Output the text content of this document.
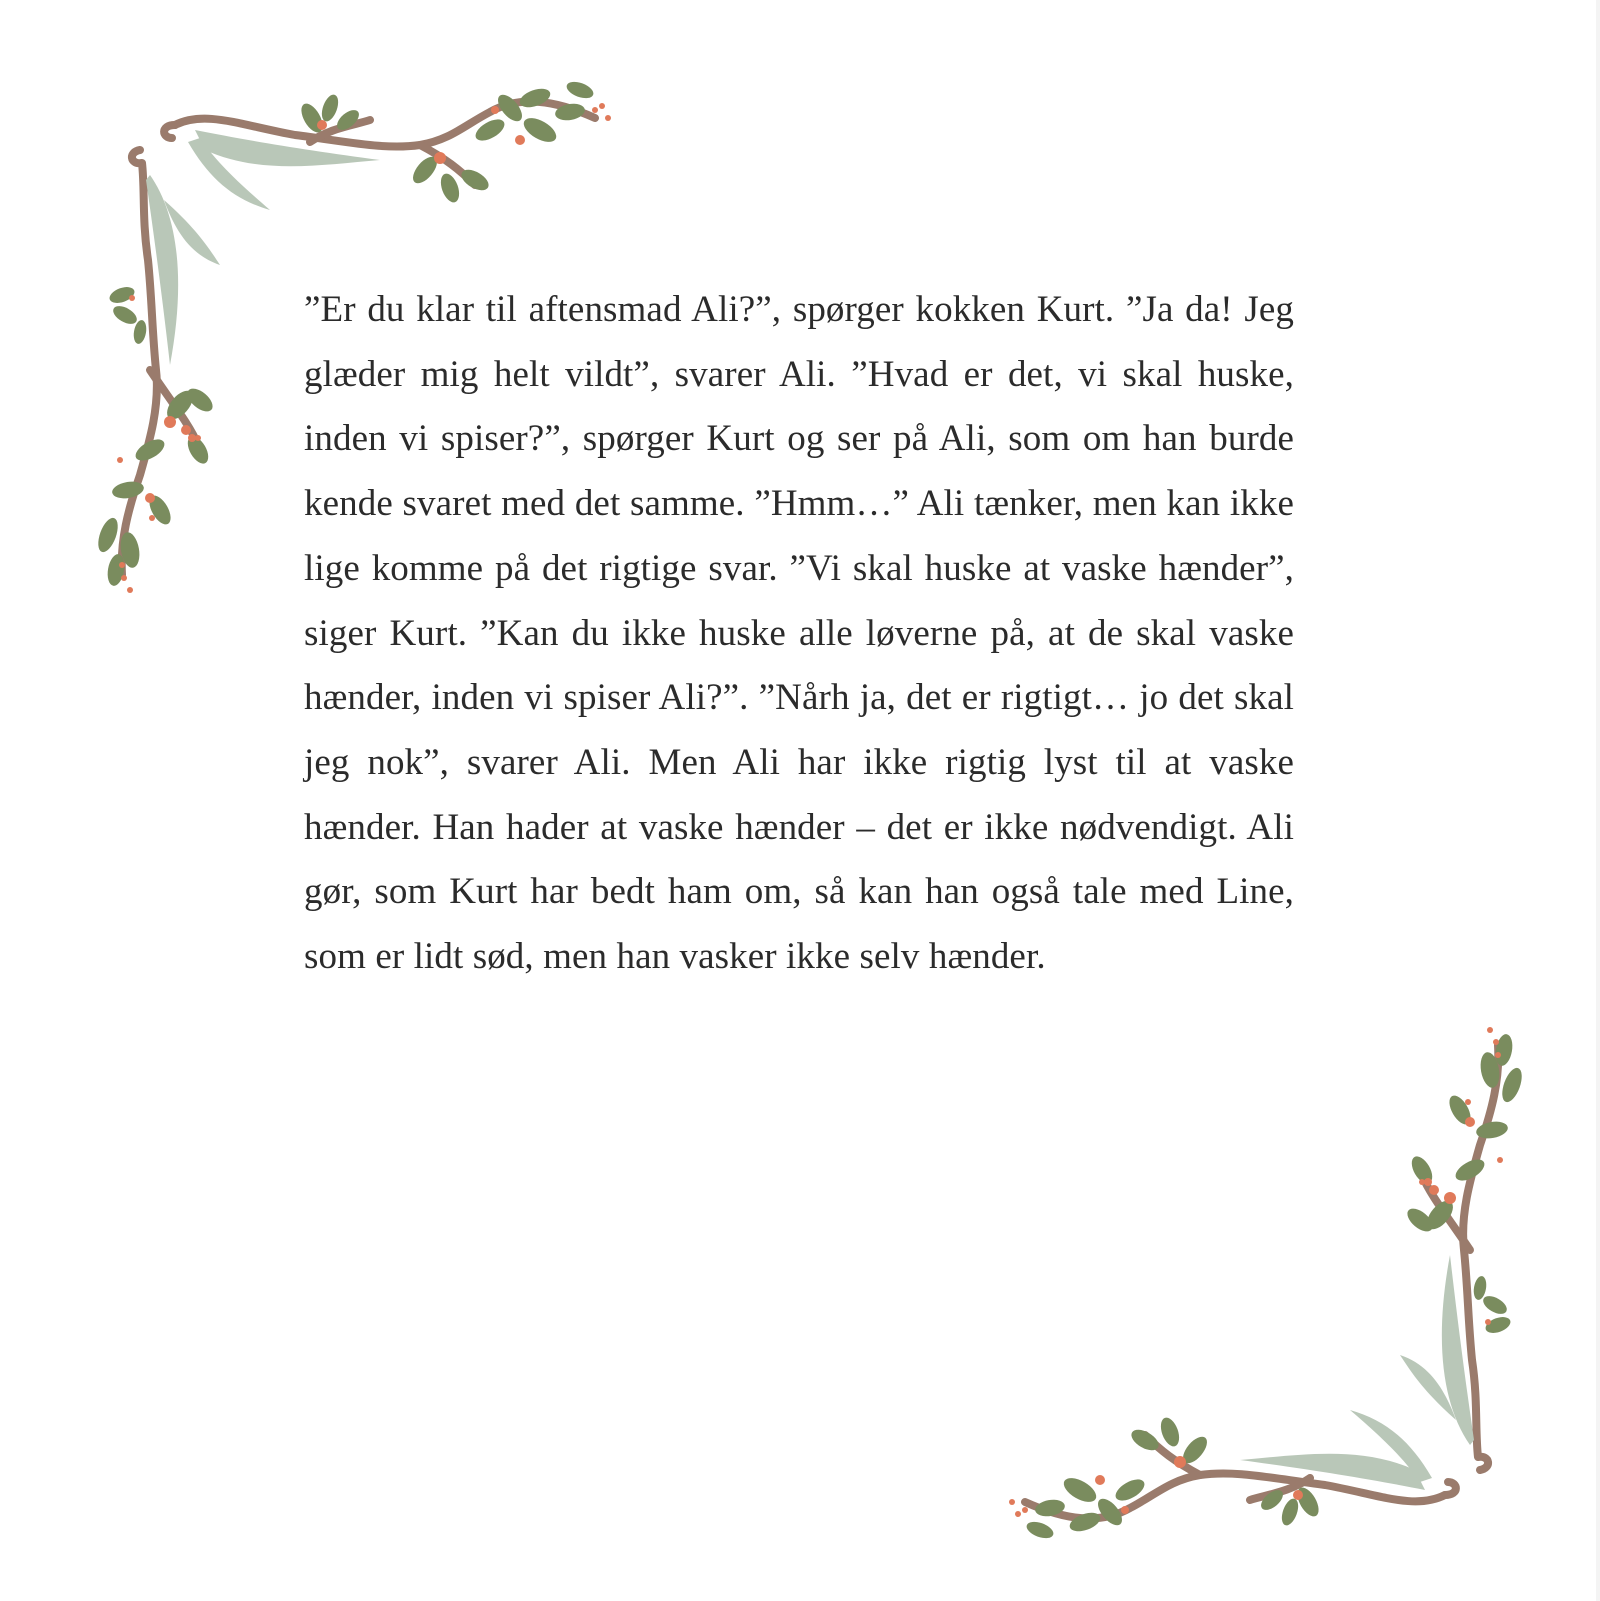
”Er du klar til aftensmad Ali?”, spørger kokken Kurt. ”Ja da! Jeg glæder mig helt vildt”, svarer Ali. ”Hvad er det, vi skal huske, inden vi spiser?”, spørger Kurt og ser på Ali, som om han burde kende svaret med det samme. ”Hmm…” Ali tænker, men kan ikke lige komme på det rigtige svar. ”Vi skal huske at vaske hænder”, siger Kurt. ”Kan du ikke huske alle løverne på, at de skal vaske hænder, inden vi spiser Ali?”. ”Nårh ja, det er rigtigt… jo det skal jeg nok”, svarer Ali. Men Ali har ikke rigtig lyst til at vaske hænder. Han hader at vaske hænder – det er ikke nødvendigt. Ali gør, som Kurt har bedt ham om, så kan han også tale med Line, som er lidt sød, men han vasker ikke selv hænder.
